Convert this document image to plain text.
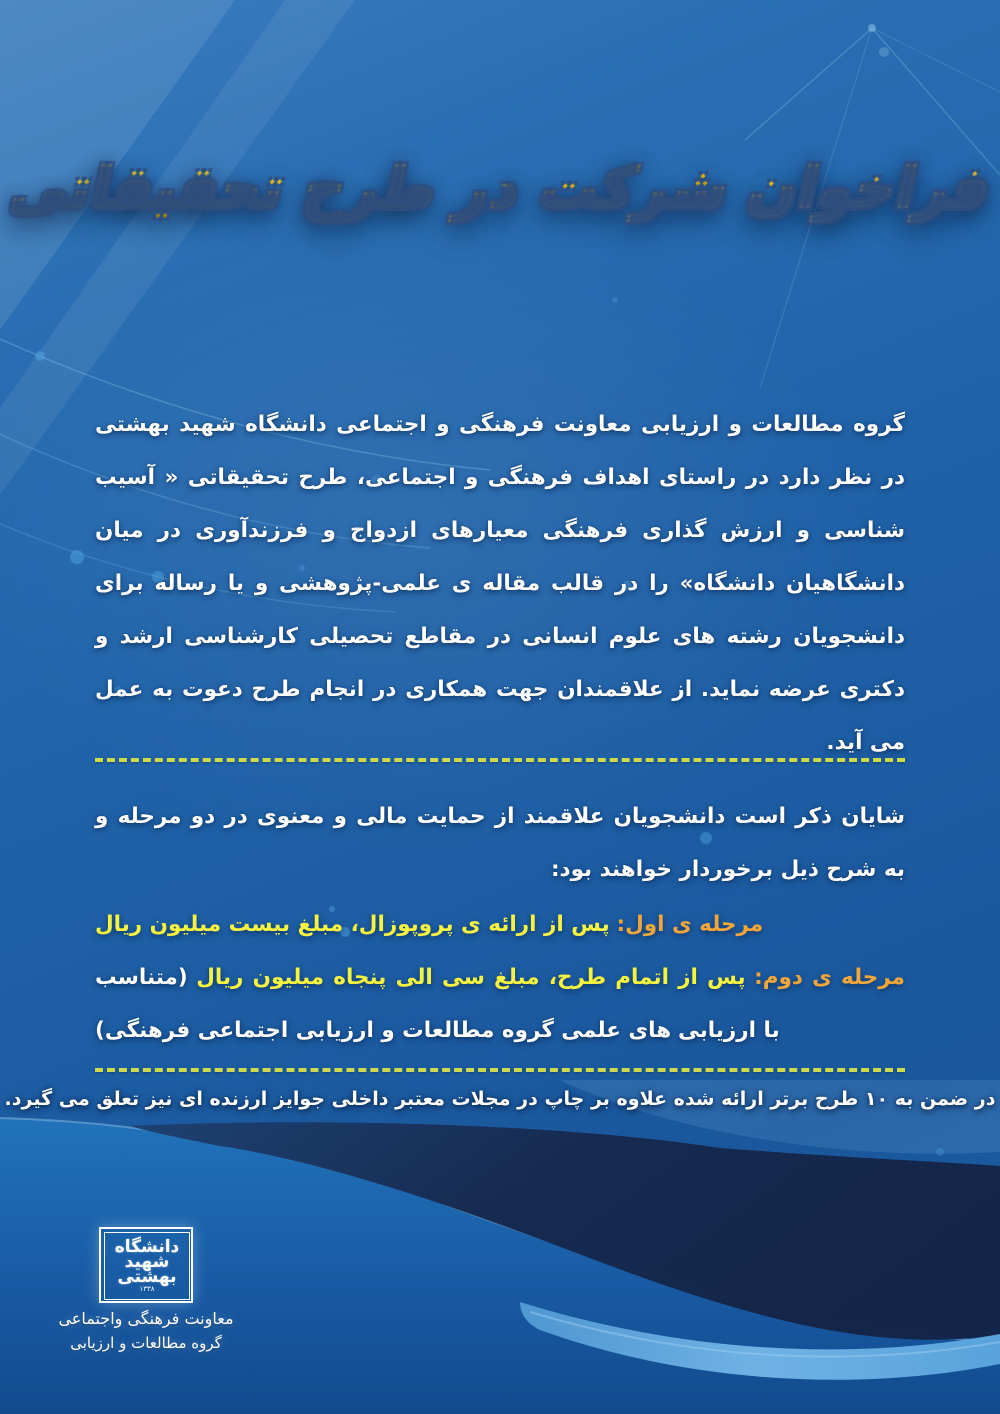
فراخوان شرکت در طرح تحقیقاتی

گروه مطالعات و ارزیابی معاونت فرهنگی و اجتماعی دانشگاه شهید بهشتی در نظر دارد در راستای اهداف فرهنگی و اجتماعی، طرح تحقیقاتی « آسیب شناسی و ارزش گذاری فرهنگی معیارهای ازدواج و فرزندآوری در میان دانشگاهیان دانشگاه» را در قالب مقاله ی علمی-پژوهشی و یا رساله برای دانشجویان رشته های علوم انسانی در مقاطع تحصیلی کارشناسی ارشد و دکتری عرضه نماید. از علاقمندان جهت همکاری در انجام طرح دعوت به عمل می آید.

شایان ذکر است دانشجویان علاقمند از حمایت مالی و معنوی در دو مرحله و به شرح ذیل برخوردار خواهند بود:

مرحله ی اول: پس از ارائه ی پروپوزال، مبلغ بیست میلیون ریال

مرحله ی دوم: پس از اتمام طرح، مبلغ سی الی پنجاه میلیون ریال (متناسب با ارزیابی های علمی گروه مطالعات و ارزیابی اجتماعی فرهنگی)

در ضمن به ۱۰ طرح برتر ارائه شده علاوه بر چاپ در مجلات معتبر داخلی جوایز ارزنده ای نیز تعلق می گیرد.

دانشگاه شهید بهشتی
۱۳۳۸
معاونت فرهنگی واجتماعی
گروه مطالعات و ارزیابی
